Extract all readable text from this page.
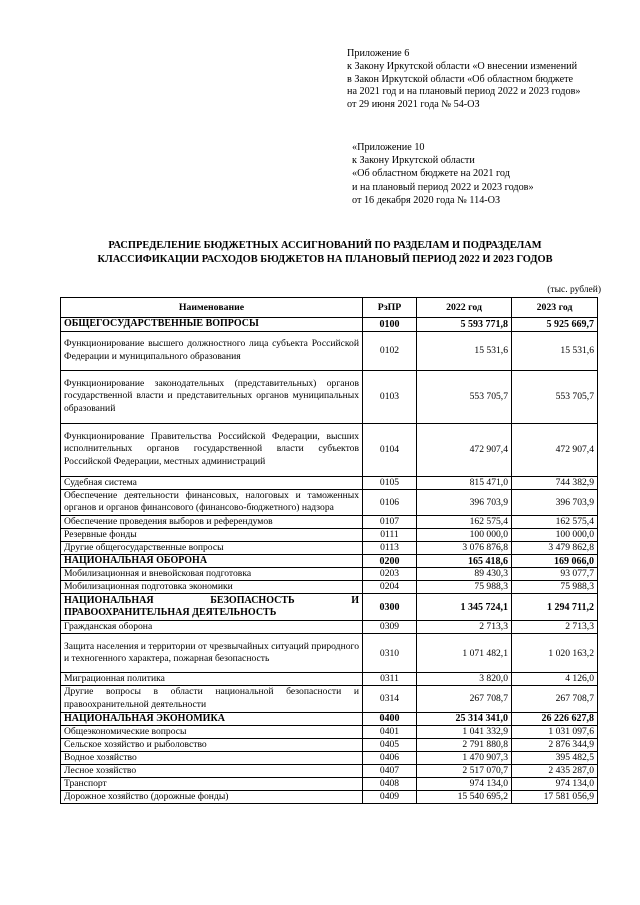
Приложение 6
к Закону Иркутской области «О внесении изменений
в Закон Иркутской области «Об областном бюджете
на 2021 год и на плановый период 2022 и 2023 годов»
от 29 июня 2021 года № 54-ОЗ
«Приложение 10
к Закону Иркутской области
«Об областном бюджете на 2021 год
и на плановый период 2022 и 2023 годов»
от 16 декабря 2020 года № 114-ОЗ
РАСПРЕДЕЛЕНИЕ БЮДЖЕТНЫХ АССИГНОВАНИЙ ПО РАЗДЕЛАМ И ПОДРАЗДЕЛАМ
КЛАССИФИКАЦИИ РАСХОДОВ БЮДЖЕТОВ НА ПЛАНОВЫЙ ПЕРИОД 2022 И 2023 ГОДОВ
(тыс. рублей)
Наименование	РзПР	2022 год	2023 год
ОБЩЕГОСУДАРСТВЕННЫЕ ВОПРОСЫ	0100	5 593 771,8	5 925 669,7
Функционирование высшего должностного лица субъекта Российской Федерации и муниципального образования	0102	15 531,6	15 531,6
Функционирование законодательных (представительных) органов государственной власти и представительных органов муниципальных образований	0103	553 705,7	553 705,7
Функционирование Правительства Российской Федерации, высших исполнительных органов государственной власти субъектов Российской Федерации, местных администраций	0104	472 907,4	472 907,4
Судебная система	0105	815 471,0	744 382,9
Обеспечение деятельности финансовых, налоговых и таможенных органов и органов финансового (финансово-бюджетного) надзора	0106	396 703,9	396 703,9
Обеспечение проведения выборов и референдумов	0107	162 575,4	162 575,4
Резервные фонды	0111	100 000,0	100 000,0
Другие общегосударственные вопросы	0113	3 076 876,8	3 479 862,8
НАЦИОНАЛЬНАЯ ОБОРОНА	0200	165 418,6	169 066,0
Мобилизационная и вневойсковая подготовка	0203	89 430,3	93 077,7
Мобилизационная подготовка экономики	0204	75 988,3	75 988,3
НАЦИОНАЛЬНАЯ БЕЗОПАСНОСТЬ И ПРАВООХРАНИТЕЛЬНАЯ ДЕЯТЕЛЬНОСТЬ	0300	1 345 724,1	1 294 711,2
Гражданская оборона	0309	2 713,3	2 713,3
Защита населения и территории от чрезвычайных ситуаций природного и техногенного характера, пожарная безопасность	0310	1 071 482,1	1 020 163,2
Миграционная политика	0311	3 820,0	4 126,0
Другие вопросы в области национальной безопасности и правоохранительной деятельности	0314	267 708,7	267 708,7
НАЦИОНАЛЬНАЯ ЭКОНОМИКА	0400	25 314 341,0	26 226 627,8
Общеэкономические вопросы	0401	1 041 332,9	1 031 097,6
Сельское хозяйство и рыболовство	0405	2 791 880,8	2 876 344,9
Водное хозяйство	0406	1 470 907,3	395 482,5
Лесное хозяйство	0407	2 517 070,7	2 435 287,0
Транспорт	0408	974 134,0	974 134,0
Дорожное хозяйство (дорожные фонды)	0409	15 540 695,2	17 581 056,9
